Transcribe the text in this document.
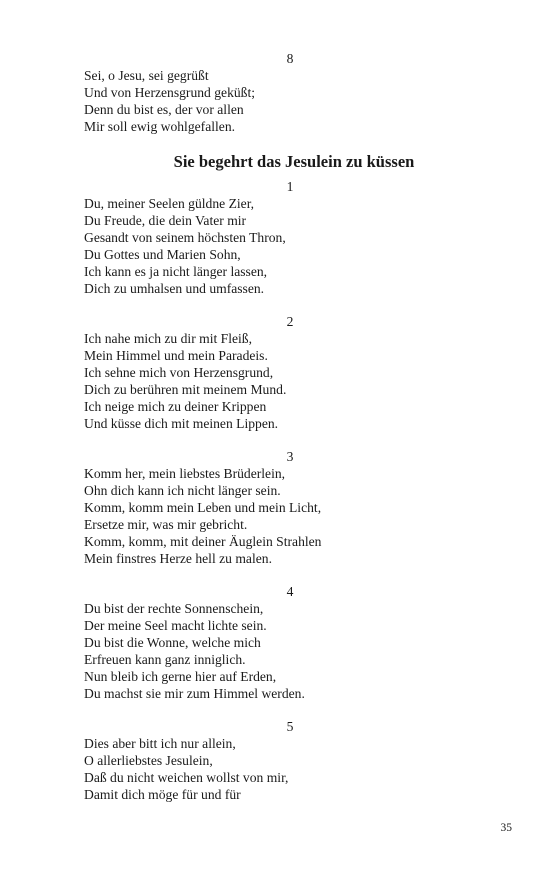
8
Sei, o Jesu, sei gegrüßt
Und von Herzensgrund geküßt;
Denn du bist es, der vor allen
Mir soll ewig wohlgefallen.
Sie begehrt das Jesulein zu küssen
1
Du, meiner Seelen güldne Zier,
Du Freude, die dein Vater mir
Gesandt von seinem höchsten Thron,
Du Gottes und Marien Sohn,
Ich kann es ja nicht länger lassen,
Dich zu umhalsen und umfassen.
2
Ich nahe mich zu dir mit Fleiß,
Mein Himmel und mein Paradeis.
Ich sehne mich von Herzensgrund,
Dich zu berühren mit meinem Mund.
Ich neige mich zu deiner Krippen
Und küsse dich mit meinen Lippen.
3
Komm her, mein liebstes Brüderlein,
Ohn dich kann ich nicht länger sein.
Komm, komm mein Leben und mein Licht,
Ersetze mir, was mir gebricht.
Komm, komm, mit deiner Äuglein Strahlen
Mein finstres Herze hell zu malen.
4
Du bist der rechte Sonnenschein,
Der meine Seel macht lichte sein.
Du bist die Wonne, welche mich
Erfreuen kann ganz inniglich.
Nun bleib ich gerne hier auf Erden,
Du machst sie mir zum Himmel werden.
5
Dies aber bitt ich nur allein,
O allerliebstes Jesulein,
Daß du nicht weichen wollst von mir,
Damit dich möge für und für
35
